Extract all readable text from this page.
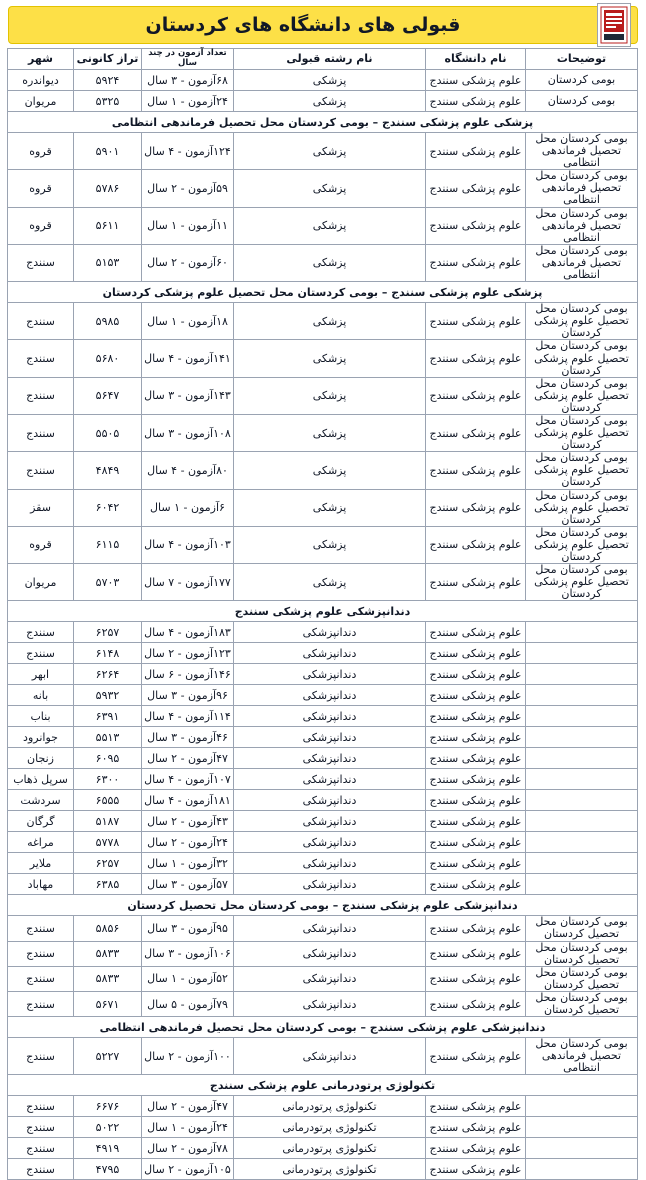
قبولی های دانشگاه های کردستان
توضیحات	نام دانشگاه	نام رشته قبولی	تعداد آزمون در چند سال	تراز کانونی	شهر
بومی کردستان	علوم پزشکی سنندج	پزشکی	۶۸آزمون - ۳ سال	۵۹۲۴	دیواندره
بومی کردستان	علوم پزشکی سنندج	پزشکی	۲۴آزمون - ۱ سال	۵۳۲۵	مریوان
پزشکی علوم پزشکی سنندج – بومی کردستان محل تحصیل فرماندهی انتظامی					
بومی کردستان محل تحصیل فرماندهی انتظامی	علوم پزشکی سنندج	پزشکی	۱۲۴آزمون - ۴ سال	۵۹۰۱	قروه
بومی کردستان محل تحصیل فرماندهی انتظامی	علوم پزشکی سنندج	پزشکی	۵۹آزمون - ۲ سال	۵۷۸۶	قروه
بومی کردستان محل تحصیل فرماندهی انتظامی	علوم پزشکی سنندج	پزشکی	۱۱آزمون - ۱ سال	۵۶۱۱	قروه
بومی کردستان محل تحصیل فرماندهی انتظامی	علوم پزشکی سنندج	پزشکی	۶۰آزمون - ۲ سال	۵۱۵۳	سنندج
پزشکی علوم پزشکی سنندج – بومی کردستان محل تحصیل علوم پزشکی کردستان					
بومی کردستان محل تحصیل علوم پزشکی کردستان	علوم پزشکی سنندج	پزشکی	۱۸آزمون - ۱ سال	۵۹۸۵	سنندج
بومی کردستان محل تحصیل علوم پزشکی کردستان	علوم پزشکی سنندج	پزشکی	۱۴۱آزمون - ۴ سال	۵۶۸۰	سنندج
بومی کردستان محل تحصیل علوم پزشکی کردستان	علوم پزشکی سنندج	پزشکی	۱۴۳آزمون - ۳ سال	۵۶۴۷	سنندج
بومی کردستان محل تحصیل علوم پزشکی کردستان	علوم پزشکی سنندج	پزشکی	۱۰۸آزمون - ۳ سال	۵۵۰۵	سنندج
بومی کردستان محل تحصیل علوم پزشکی کردستان	علوم پزشکی سنندج	پزشکی	۸۰آزمون - ۴ سال	۴۸۴۹	سنندج
بومی کردستان محل تحصیل علوم پزشکی کردستان	علوم پزشکی سنندج	پزشکی	۶آزمون - ۱ سال	۶۰۴۲	سقز
بومی کردستان محل تحصیل علوم پزشکی کردستان	علوم پزشکی سنندج	پزشکی	۱۰۳آزمون - ۴ سال	۶۱۱۵	قروه
بومی کردستان محل تحصیل علوم پزشکی کردستان	علوم پزشکی سنندج	پزشکی	۱۷۷آزمون - ۷ سال	۵۷۰۳	مریوان
دندانپزشکی علوم پزشکی سنندج					
	علوم پزشکی سنندج	دندانپزشکی	۱۸۳آزمون - ۴ سال	۶۲۵۷	سنندج
	علوم پزشکی سنندج	دندانپزشکی	۱۲۳آزمون - ۲ سال	۶۱۴۸	سنندج
	علوم پزشکی سنندج	دندانپزشکی	۱۴۶آزمون - ۶ سال	۶۲۶۴	ابهر
	علوم پزشکی سنندج	دندانپزشکی	۹۶آزمون - ۳ سال	۵۹۳۲	بانه
	علوم پزشکی سنندج	دندانپزشکی	۱۱۴آزمون - ۴ سال	۶۳۹۱	بناب
	علوم پزشکی سنندج	دندانپزشکی	۴۶آزمون - ۳ سال	۵۵۱۳	جوانرود
	علوم پزشکی سنندج	دندانپزشکی	۴۷آزمون - ۲ سال	۶۰۹۵	زنجان
	علوم پزشکی سنندج	دندانپزشکی	۱۰۷آزمون - ۴ سال	۶۳۰۰	سرپل ذهاب
	علوم پزشکی سنندج	دندانپزشکی	۱۸۱آزمون - ۴ سال	۶۵۵۵	سردشت
	علوم پزشکی سنندج	دندانپزشکی	۴۳آزمون - ۲ سال	۵۱۸۷	گرگان
	علوم پزشکی سنندج	دندانپزشکی	۲۴آزمون - ۲ سال	۵۷۷۸	مراغه
	علوم پزشکی سنندج	دندانپزشکی	۳۲آزمون - ۱ سال	۶۲۵۷	ملایر
	علوم پزشکی سنندج	دندانپزشکی	۵۷آزمون - ۳ سال	۶۳۸۵	مهاباد
دندانپزشکی علوم پزشکی سنندج – بومی کردستان محل تحصیل کردستان					
بومی کردستان محل تحصیل کردستان	علوم پزشکی سنندج	دندانپزشکی	۹۵آزمون - ۳ سال	۵۸۵۶	سنندج
بومی کردستان محل تحصیل کردستان	علوم پزشکی سنندج	دندانپزشکی	۱۰۶آزمون - ۳ سال	۵۸۳۳	سنندج
بومی کردستان محل تحصیل کردستان	علوم پزشکی سنندج	دندانپزشکی	۵۲آزمون - ۱ سال	۵۸۳۳	سنندج
بومی کردستان محل تحصیل کردستان	علوم پزشکی سنندج	دندانپزشکی	۷۹آزمون - ۵ سال	۵۶۷۱	سنندج
دندانپزشکی علوم پزشکی سنندج – بومی کردستان محل تحصیل فرماندهی انتظامی					
بومی کردستان محل تحصیل فرماندهی انتظامی	علوم پزشکی سنندج	دندانپزشکی	۱۰۰آزمون - ۲ سال	۵۲۲۷	سنندج
تکنولوژی پرتودرمانی علوم پزشکی سنندج					
	علوم پزشکی سنندج	تکنولوژی پرتودرمانی	۴۷آزمون - ۲ سال	۶۶۷۶	سنندج
	علوم پزشکی سنندج	تکنولوژی پرتودرمانی	۲۴آزمون - ۱ سال	۵۰۲۲	سنندج
	علوم پزشکی سنندج	تکنولوژی پرتودرمانی	۷۸آزمون - ۲ سال	۴۹۱۹	سنندج
	علوم پزشکی سنندج	تکنولوژی پرتودرمانی	۱۰۵آزمون - ۲ سال	۴۷۹۵	سنندج
